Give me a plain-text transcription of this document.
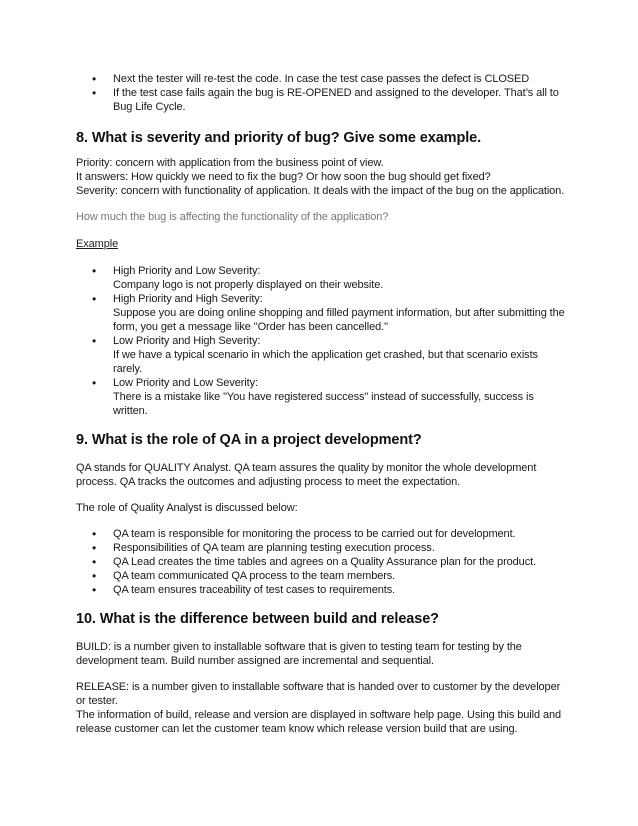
• Next the tester will re-test the code. In case the test case passes the defect is CLOSED
• If the test case fails again the bug is RE-OPENED and assigned to the developer. That’s all to Bug Life Cycle.
8. What is severity and priority of bug? Give some example.

Priority: concern with application from the business point of view.

It answers: How quickly we need to fix the bug? Or how soon the bug should get fixed?

Severity: concern with functionality of application. It deals with the impact of the bug on the application.

How much the bug is affecting the functionality of the application?

Example

• High Priority and Low Severity:
Company logo is not properly displayed on their website.
• High Priority and High Severity:
Suppose you are doing online shopping and filled payment information, but after submitting the form, you get a message like "Order has been cancelled."
• Low Priority and High Severity:
If we have a typical scenario in which the application get crashed, but that scenario exists rarely.
• Low Priority and Low Severity:
There is a mistake like "You have registered success" instead of successfully, success is written.
9. What is the role of QA in a project development?

QA stands for QUALITY Analyst. QA team assures the quality by monitor the whole development process. QA tracks the outcomes and adjusting process to meet the expectation.

The role of Quality Analyst is discussed below:

• QA team is responsible for monitoring the process to be carried out for development.
• Responsibilities of QA team are planning testing execution process.
• QA Lead creates the time tables and agrees on a Quality Assurance plan for the product.
• QA team communicated QA process to the team members.
• QA team ensures traceability of test cases to requirements.
10. What is the difference between build and release?

BUILD: is a number given to installable software that is given to testing team for testing by the development team. Build number assigned are incremental and sequential.

RELEASE: is a number given to installable software that is handed over to customer by the developer or tester.

The information of build, release and version are displayed in software help page. Using this build and release customer can let the customer team know which release version build that are using.
